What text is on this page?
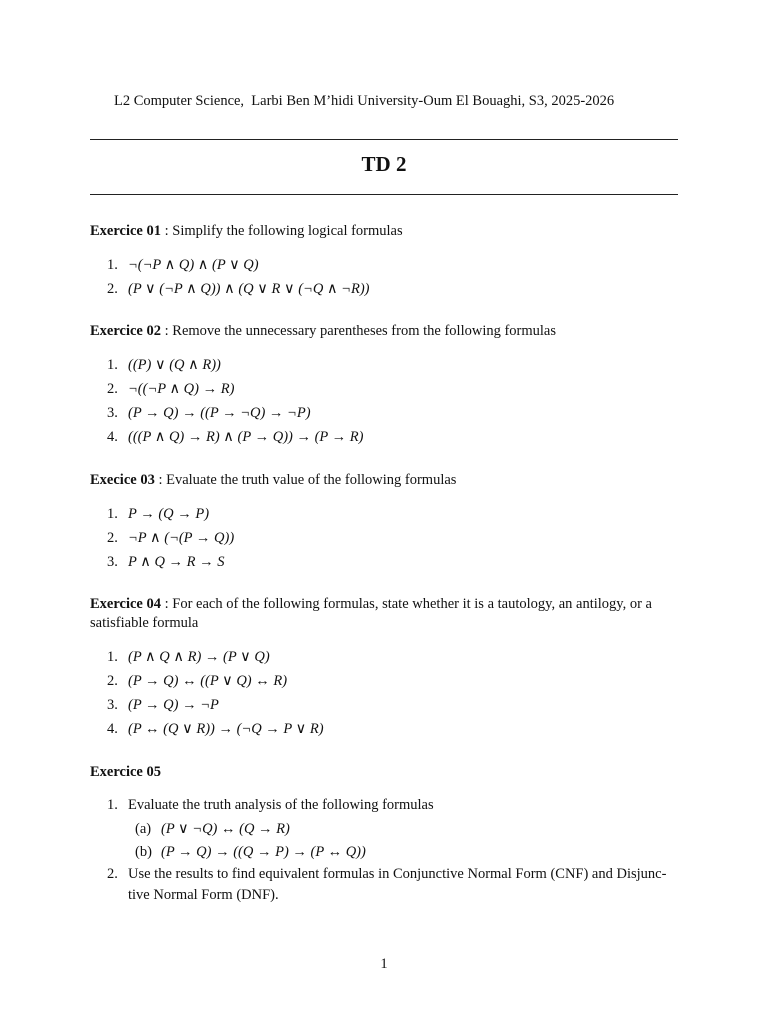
L2 Computer Science,  Larbi Ben M’hidi University-Oum El Bouaghi, S3, 2025-2026
TD 2
Exercice 01 : Simplify the following logical formulas
1. ¬(¬P ∧ Q) ∧ (P ∨ Q)
2. (P ∨ (¬P ∧ Q)) ∧ (Q ∨ R ∨ (¬Q ∧ ¬R))
Exercice 02 : Remove the unnecessary parentheses from the following formulas
1. ((P) ∨ (Q ∧ R))
2. ¬((¬P ∧ Q) → R)
3. (P → Q) → ((P → ¬Q) → ¬P)
4. (((P ∧ Q) → R) ∧ (P → Q)) → (P → R)
Execice 03 : Evaluate the truth value of the following formulas
1. P → (Q → P)
2. ¬P ∧ (¬(P → Q))
3. P ∧ Q → R → S
Exercice 04 : For each of the following formulas, state whether it is a tautology, an antilogy, or a satisfiable formula
1. (P ∧ Q ∧ R) → (P ∨ Q)
2. (P → Q) ↔ ((P ∨ Q) ↔ R)
3. (P → Q) → ¬P
4. (P ↔ (Q ∨ R)) → (¬Q → P ∨ R)
Exercice 05
1. Evaluate the truth analysis of the following formulas
(a) (P ∨ ¬Q) ↔ (Q → R)
(b) (P → Q) → ((Q → P) → (P ↔ Q))
2. Use the results to find equivalent formulas in Conjunctive Normal Form (CNF) and Disjunc-
tive Normal Form (DNF).
1
